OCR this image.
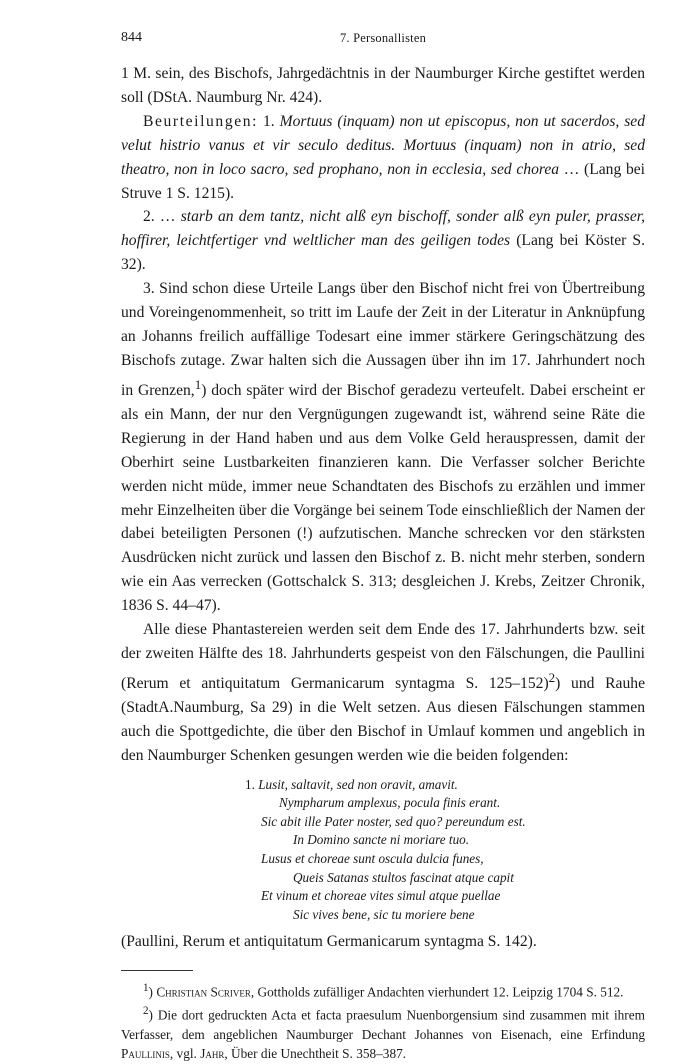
844	7. Personallisten

1 M. sein, des Bischofs, Jahrgedächtnis in der Naumburger Kirche gestiftet werden soll (DStA. Naumburg Nr. 424).

Beurteilungen: 1. Mortuus (inquam) non ut episcopus, non ut sacerdos, sed velut histrio vanus et vir seculo deditus. Mortuus (inquam) non in atrio, sed theatro, non in loco sacro, sed prophano, non in ecclesia, sed chorea … (Lang bei Struve 1 S. 1215).

2. … starb an dem tantz, nicht alß eyn bischoff, sonder alß eyn puler, prasser, hoffirer, leichtfertiger vnd weltlicher man des geiligen todes (Lang bei Köster S. 32).

3. Sind schon diese Urteile Langs über den Bischof nicht frei von Übertreibung und Voreingenommenheit, so tritt im Laufe der Zeit in der Literatur in Anknüpfung an Johanns freilich auffällige Todesart eine immer stärkere Geringschätzung des Bischofs zutage. Zwar halten sich die Aussagen über ihn im 17. Jahrhundert noch in Grenzen,$^1$) doch später wird der Bischof geradezu verteufelt. Dabei erscheint er als ein Mann, der nur den Vergnügungen zugewandt ist, während seine Räte die Regierung in der Hand haben und aus dem Volke Geld herauspressen, damit der Oberhirt seine Lustbarkeiten finanzieren kann. Die Verfasser solcher Berichte werden nicht müde, immer neue Schandtaten des Bischofs zu erzählen und immer mehr Einzelheiten über die Vorgänge bei seinem Tode einschließlich der Namen der dabei beteiligten Personen (!) aufzutischen. Manche schrecken vor den stärksten Ausdrücken nicht zurück und lassen den Bischof z. B. nicht mehr sterben, sondern wie ein Aas verrecken (Gottschalck S. 313; desgleichen J. Krebs, Zeitzer Chronik, 1836 S. 44–47).

Alle diese Phantastereien werden seit dem Ende des 17. Jahrhunderts bzw. seit der zweiten Hälfte des 18. Jahrhunderts gespeist von den Fälschungen, die Paullini (Rerum et antiquitatum Germanicarum syntagma S. 125–152)$^2$) und Rauhe (StadtA.Naumburg, Sa 29) in die Welt setzen. Aus diesen Fälschungen stammen auch die Spottgedichte, die über den Bischof in Umlauf kommen und angeblich in den Naumburger Schenken gesungen werden wie die beiden folgenden:

1. Lusit, saltavit, sed non oravit, amavit.
Nympharum amplexus, pocula finis erant.
Sic abit ille Pater noster, sed quo? pereundum est.
In Domino sancte ni moriare tuo.
Lusus et choreae sunt oscula dulcia funes,
Queis Satanas stultos fascinat atque capit
Et vinum et choreae vites simul atque puellae
Sic vives bene, sic tu moriere bene

(Paullini, Rerum et antiquitatum Germanicarum syntagma S. 142).

$^1$) Christian Scriver, Gottholds zufälliger Andachten vierhundert 12. Leipzig 1704 S. 512.

$^2$) Die dort gedruckten Acta et facta praesulum Nuenborgensium sind zusammen mit ihrem Verfasser, dem angeblichen Naumburger Dechant Johannes von Eisenach, eine Erfindung Paullinis, vgl. Jahr, Über die Unechtheit S. 358–387.
